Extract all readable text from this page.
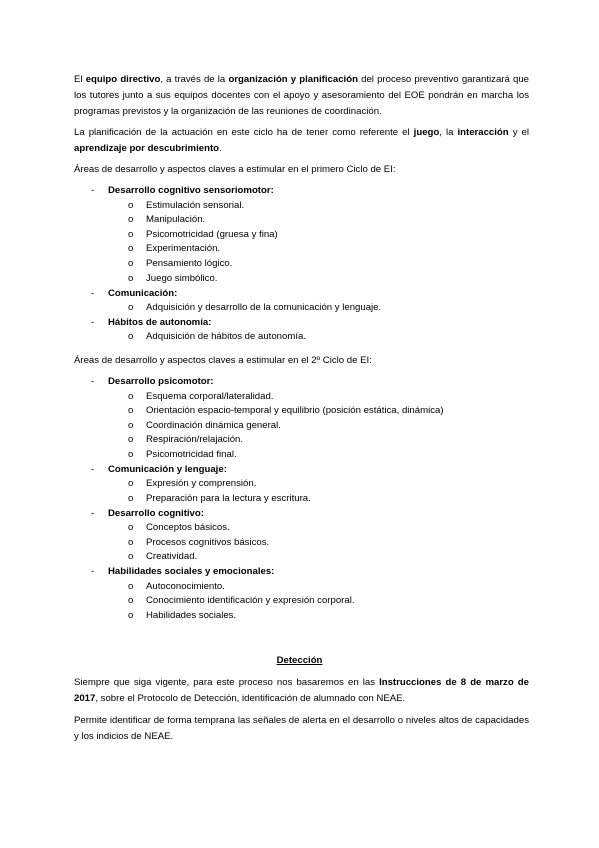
El equipo directivo, a través de la organización y planificación del proceso preventivo garantizará que los tutores junto a sus equipos docentes con el apoyo y asesoramiento del EOE pondrán en marcha los programas previstos y la organización de las reuniones de coordinación.

La planificación de la actuación en este ciclo ha de tener como referente el juego, la interacción y el aprendizaje por descubrimiento.

Áreas de desarrollo y aspectos claves a estimular en el primero Ciclo de EI:
- Desarrollo cognitivo sensoriomotor:
o Estimulación sensorial.
o Manipulación.
o Psicomotricidad (gruesa y fina)
o Experimentación.
o Pensamiento lógico.
o Juego simbólico.
- Comunicación:
o Adquisición y desarrollo de la comunicación y lenguaje.
- Hábitos de autonomía:
o Adquisición de hábitos de autonomía.
Áreas de desarrollo y aspectos claves a estimular en el 2º Ciclo de EI:
- Desarrollo psicomotor:
o Esquema corporal/lateralidad.
o Orientación espacio-temporal y equilibrio (posición estática, dinámica)
o Coordinación dinámica general.
o Respiración/relajación.
o Psicomotricidad final.
- Comunicación y lenguaje:
o Expresión y comprensión.
o Preparación para la lectura y escritura.
- Desarrollo cognitivo:
o Conceptos básicos.
o Procesos cognitivos básicos.
o Creatividad.
- Habilidades sociales y emocionales:
o Autoconocimiento.
o Conocimiento identificación y expresión corporal.
o Habilidades sociales.
Detección

Siempre que siga vigente, para este proceso nos basaremos en las Instrucciones de 8 de marzo de 2017, sobre el Protocolo de Detección, identificación de alumnado con NEAE.

Permite identificar de forma temprana las señales de alerta en el desarrollo o niveles altos de capacidades y los indicios de NEAE.
